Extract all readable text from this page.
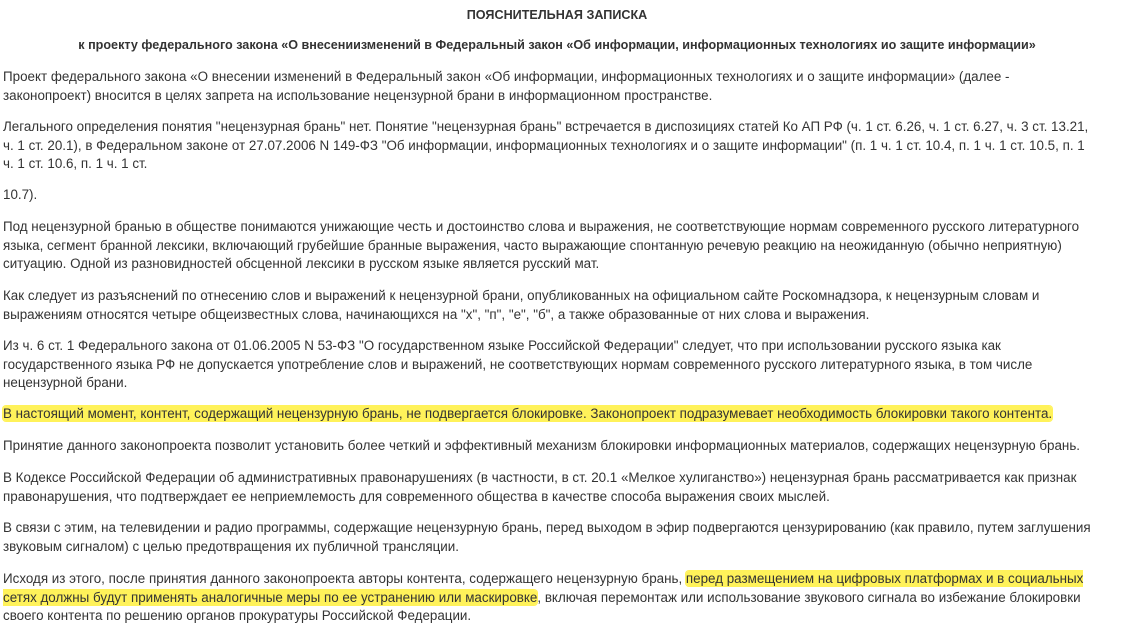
ПОЯСНИТЕЛЬНАЯ ЗАПИСКА
к проекту федерального закона «О внесениизменений в Федеральный закон «Об информации, информационных технологиях ио защите информации»

Проект федерального закона «О внесении изменений в Федеральный закон «Об информации, информационных технологиях и о защите информации» (далее - законопроект) вносится в целях запрета на использование нецензурной брани в информационном пространстве.

Легального определения понятия "нецензурная брань" нет. Понятие "нецензурная брань" встречается в диспозициях статей Ко АП РФ (ч. 1 ст. 6.26, ч. 1 ст. 6.27, ч. 3 ст. 13.21, ч. 1 ст. 20.1), в Федеральном законе от 27.07.2006 N 149-ФЗ "Об информации, информационных технологиях и о защите информации" (п. 1 ч. 1 ст. 10.4, п. 1 ч. 1 ст. 10.5, п. 1 ч. 1 ст. 10.6, п. 1 ч. 1 ст.

10.7).

Под нецензурной бранью в обществе понимаются унижающие честь и достоинство слова и выражения, не соответствующие нормам современного русского литературного языка, сегмент бранной лексики, включающий грубейшие бранные выражения, часто выражающие спонтанную речевую реакцию на неожиданную (обычно неприятную) ситуацию. Одной из разновидностей обсценной лексики в русском языке является русский мат.

Как следует из разъяснений по отнесению слов и выражений к нецензурной брани, опубликованных на официальном сайте Роскомнадзора, к нецензурным словам и выражениям относятся четыре общеизвестных слова, начинающихся на "х", "п", "е", "б", а также образованные от них слова и выражения.

Из ч. 6 ст. 1 Федерального закона от 01.06.2005 N 53-ФЗ "О государственном языке Российской Федерации" следует, что при использовании русского языка как государственного языка РФ не допускается употребление слов и выражений, не соответствующих нормам современного русского литературного языка, в том числе нецензурной брани.

В настоящий момент, контент, содержащий нецензурную брань, не подвергается блокировке. Законопроект подразумевает необходимость блокировки такого контента.

Принятие данного законопроекта позволит установить более четкий и эффективный механизм блокировки информационных материалов, содержащих нецензурную брань.

В Кодексе Российской Федерации об административных правонарушениях (в частности, в ст. 20.1 «Мелкое хулиганство») нецензурная брань рассматривается как признак правонарушения, что подтверждает ее неприемлемость для современного общества в качестве способа выражения своих мыслей.

В связи с этим, на телевидении и радио программы, содержащие нецензурную брань, перед выходом в эфир подвергаются цензурированию (как правило, путем заглушения звуковым сигналом) с целью предотвращения их публичной трансляции.

Исходя из этого, после принятия данного законопроекта авторы контента, содержащего нецензурную брань, перед размещением на цифровых платформах и в социальных сетях должны будут применять аналогичные меры по ее устранению или маскировке, включая перемонтаж или использование звукового сигнала во избежание блокировки своего контента по решению органов прокуратуры Российской Федерации.
